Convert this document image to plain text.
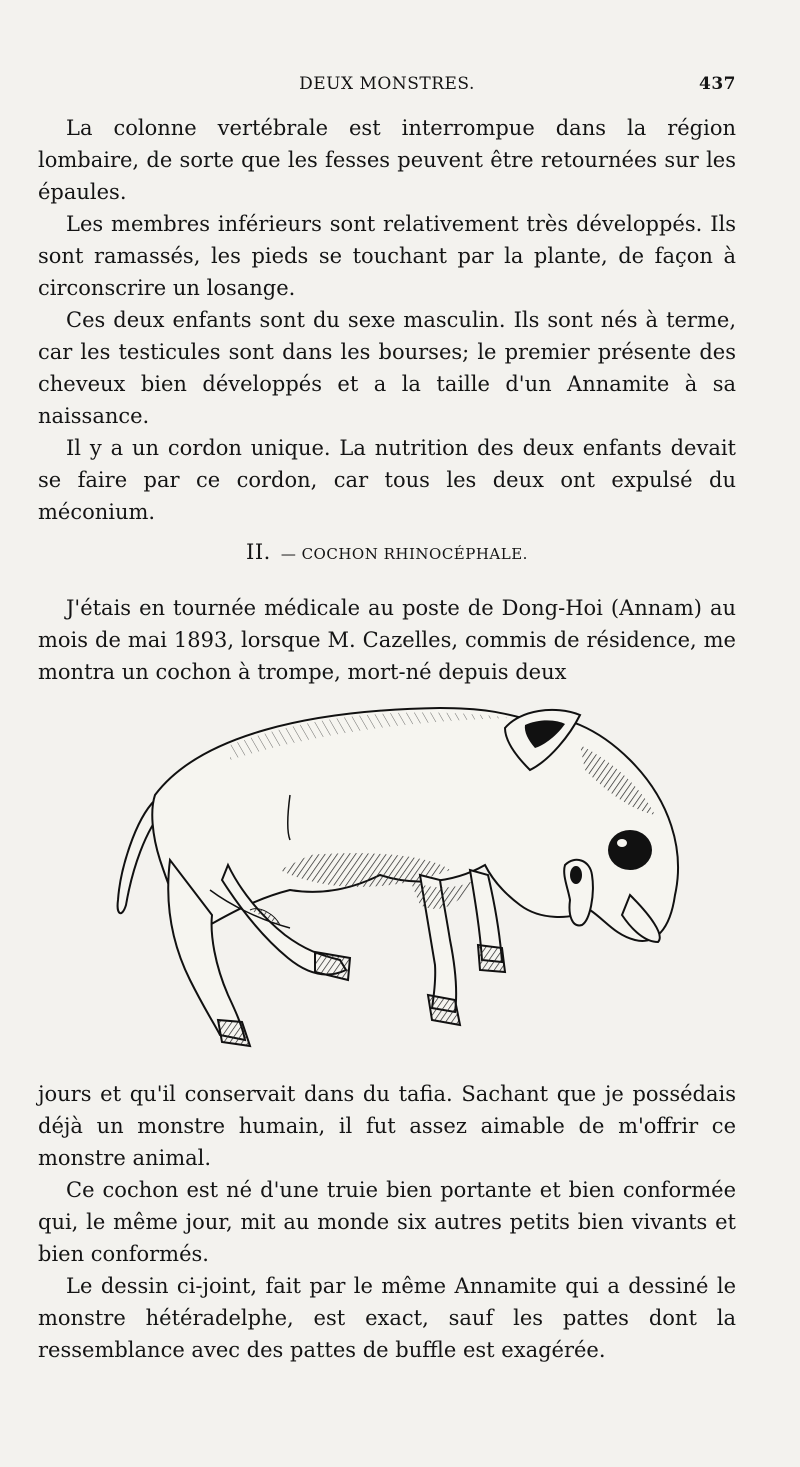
DEUX MONSTRES.	437

La colonne vertébrale est interrompue dans la région lombaire, de sorte que les fesses peuvent être retournées sur les épaules.

Les membres inférieurs sont relativement très développés. Ils sont ramassés, les pieds se touchant par la plante, de façon à circonscrire un losange.

Ces deux enfants sont du sexe masculin. Ils sont nés à terme, car les testicules sont dans les bourses; le premier présente des cheveux bien développés et a la taille d'un Annamite à sa naissance.

Il y a un cordon unique. La nutrition des deux enfants devait se faire par ce cordon, car tous les deux ont expulsé du méconium.

II. — COCHON RHINOCÉPHALE.

J'étais en tournée médicale au poste de Dong-Hoi (Annam) au mois de mai 1893, lorsque M. Cazelles, commis de résidence, me montra un cochon à trompe, mort-né depuis deux

jours et qu'il conservait dans du tafia. Sachant que je possédais déjà un monstre humain, il fut assez aimable de m'offrir ce monstre animal.

Ce cochon est né d'une truie bien portante et bien conformée qui, le même jour, mit au monde six autres petits bien vivants et bien conformés.

Le dessin ci-joint, fait par le même Annamite qui a dessiné le monstre hétéradelphe, est exact, sauf les pattes dont la ressemblance avec des pattes de buffle est exagérée.
